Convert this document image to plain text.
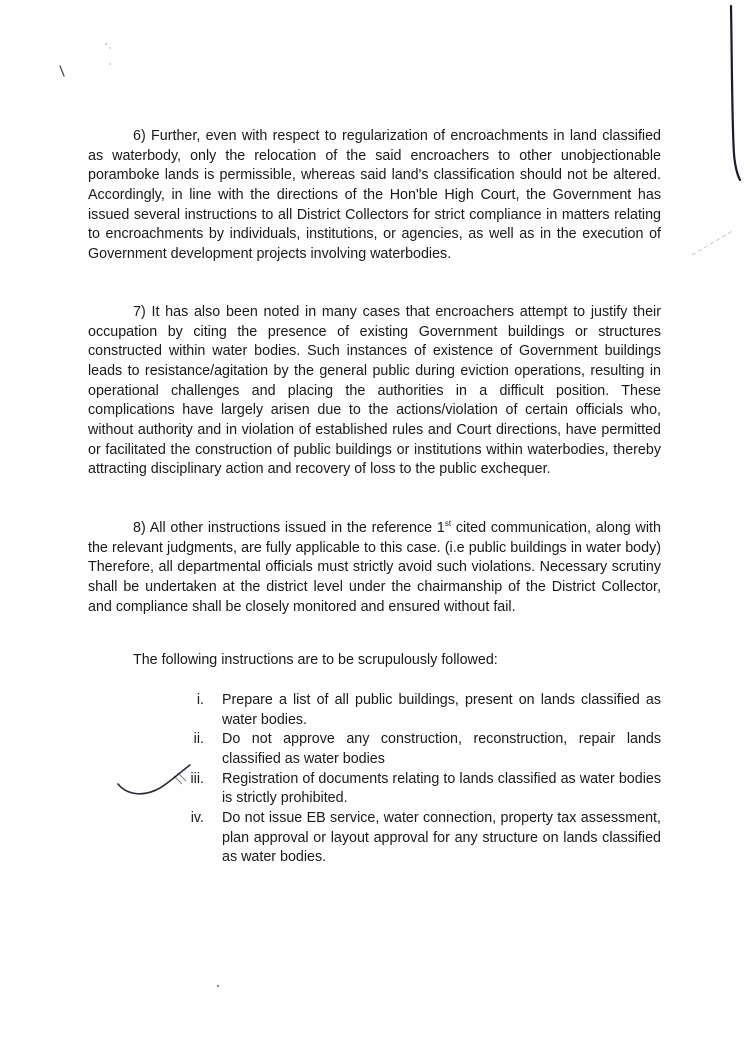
6) Further, even with respect to regularization of encroachments in land classified as waterbody, only the relocation of the said encroachers to other unobjectionable poramboke lands is permissible, whereas said land's classification should not be altered. Accordingly, in line with the directions of the Hon'ble High Court, the Government has issued several instructions to all District Collectors for strict compliance in matters relating to encroachments by individuals, institutions, or agencies, as well as in the execution of Government development projects involving waterbodies.

7) It has also been noted in many cases that encroachers attempt to justify their occupation by citing the presence of existing Government buildings or structures constructed within water bodies. Such instances of existence of Government buildings leads to resistance/agitation by the general public during eviction operations, resulting in operational challenges and placing the authorities in a difficult position. These complications have largely arisen due to the actions/violation of certain officials who, without authority and in violation of established rules and Court directions, have permitted or facilitated the construction of public buildings or institutions within waterbodies, thereby attracting disciplinary action and recovery of loss to the public exchequer.

8) All other instructions issued in the reference 1st cited communication, along with the relevant judgments, are fully applicable to this case. (i.e public buildings in water body) Therefore, all departmental officials must strictly avoid such violations. Necessary scrutiny shall be undertaken at the district level under the chairmanship of the District Collector, and compliance shall be closely monitored and ensured without fail.

The following instructions are to be scrupulously followed:

i. Prepare a list of all public buildings, present on lands classified as water bodies.
ii. Do not approve any construction, reconstruction, repair lands classified as water bodies
iii. Registration of documents relating to lands classified as water bodies is strictly prohibited.
iv. Do not issue EB service, water connection, property tax assessment, plan approval or layout approval for any structure on lands classified as water bodies.
